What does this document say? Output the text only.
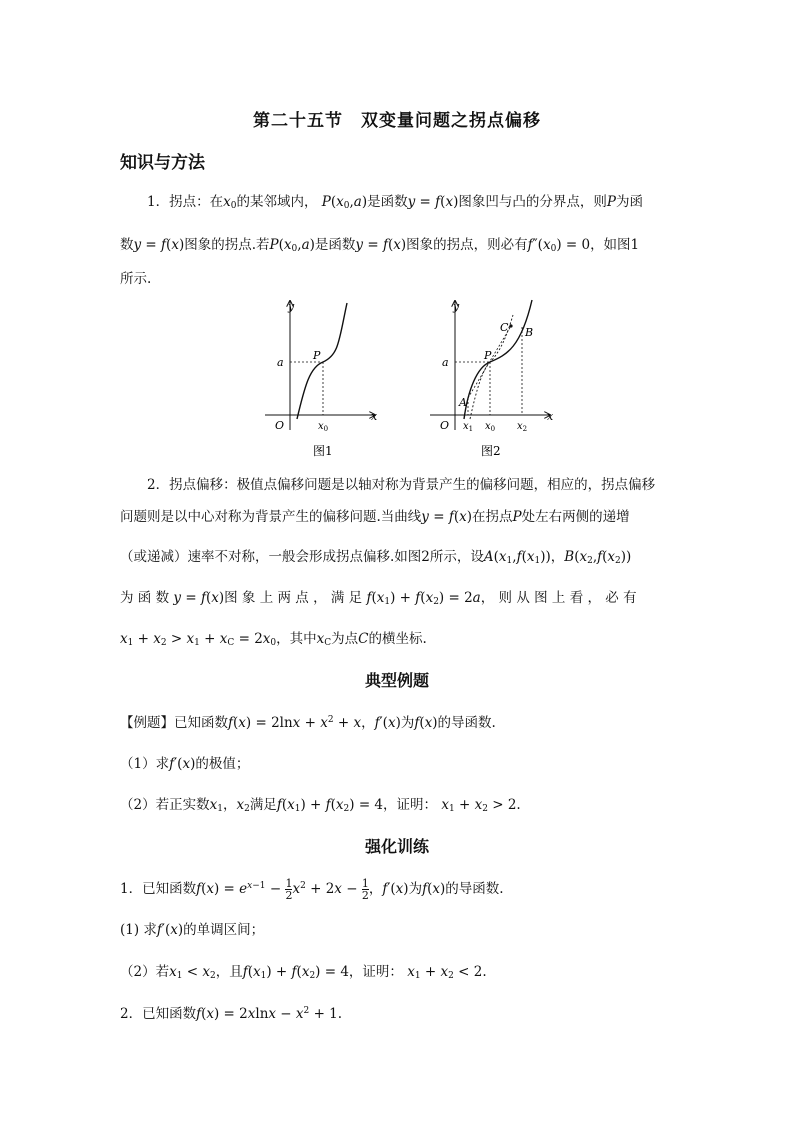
第二十五节　双变量问题之拐点偏移
知识与方法
1．拐点：在$x_0$的某邻域内， $P(x_0,a)$是函数y = f(x)图象凹与凸的分界点，则P为函
数y = f(x)图象的拐点.若$P(x_0,a)$是函数y = f(x)图象的拐点，则必有$f''(x_0) = 0$，如图1
所示.
y
x
O
a
P
$x_0$
图1
y
x
O
a
P
A
B
C
$x_1$ $x_0$ $x_2$
图2
2．拐点偏移：极值点偏移问题是以轴对称为背景产生的偏移问题，相应的，拐点偏移
问题则是以中心对称为背景产生的偏移问题.当曲线y = f(x)在拐点P处左右两侧的递增
（或递减）速率不对称，一般会形成拐点偏移.如图2所示，设$A(x_1,f(x_1))$，$B(x_2,f(x_2))$
为 函 数 y = f(x)图 象 上 两 点 ， 满 足 $f(x_1) + f(x_2) = 2a$， 则 从 图 上 看 ， 必 有
$x_1 + x_2 > x_1 + x_C = 2x_0$，其中$x_C$为点C的横坐标.
典型例题
【例题】已知函数$f(x) = 2\ln x + x^2 + x$，f′(x)为f(x)的导函数.
（1）求f′(x)的极值；
（2）若正实数$x_1$，$x_2$满足$f(x_1) + f(x_2) = 4$，证明： $x_1 + x_2 > 2$.
强化训练
1．已知函数$f(x) = e^{x-1} - \frac{1}{2} x^2 + 2x - \frac{1}{2}$ ，f′(x)为f(x)的导函数.
(1) 求f′(x)的单调区间；
（2）若$x_1 < x_2$，且$f(x_1) + f(x_2) = 4$，证明： $x_1 + x_2 < 2$.
2．已知函数$f(x) = 2xlnx - x^2 + 1$.
